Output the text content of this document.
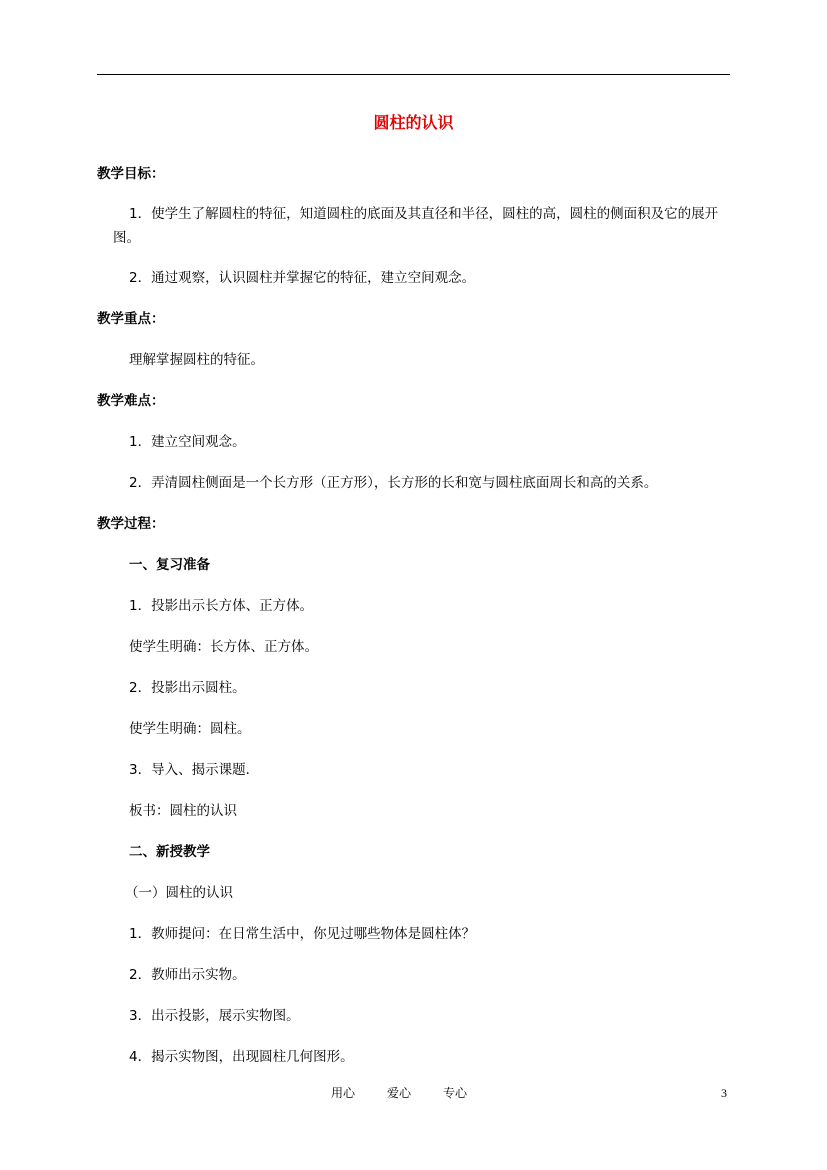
圆柱的认识
教学目标：
1．使学生了解圆柱的特征，知道圆柱的底面及其直径和半径，圆柱的高，圆柱的侧面积及它的展开图。
2．通过观察，认识圆柱并掌握它的特征，建立空间观念。
教学重点：
理解掌握圆柱的特征。
教学难点：
1．建立空间观念。
2．弄清圆柱侧面是一个长方形（正方形），长方形的长和宽与圆柱底面周长和高的关系。
教学过程：
一、复习准备
1．投影出示长方体、正方体。
使学生明确：长方体、正方体。
2．投影出示圆柱。
使学生明确：圆柱。
3．导入、揭示课题．
板书：圆柱的认识
二、新授教学
（一）圆柱的认识
1．教师提问：在日常生活中，你见过哪些物体是圆柱体？
2．教师出示实物。
3．出示投影，展示实物图。
4．揭示实物图，出现圆柱几何图形。
用心	爱心	专心	3
